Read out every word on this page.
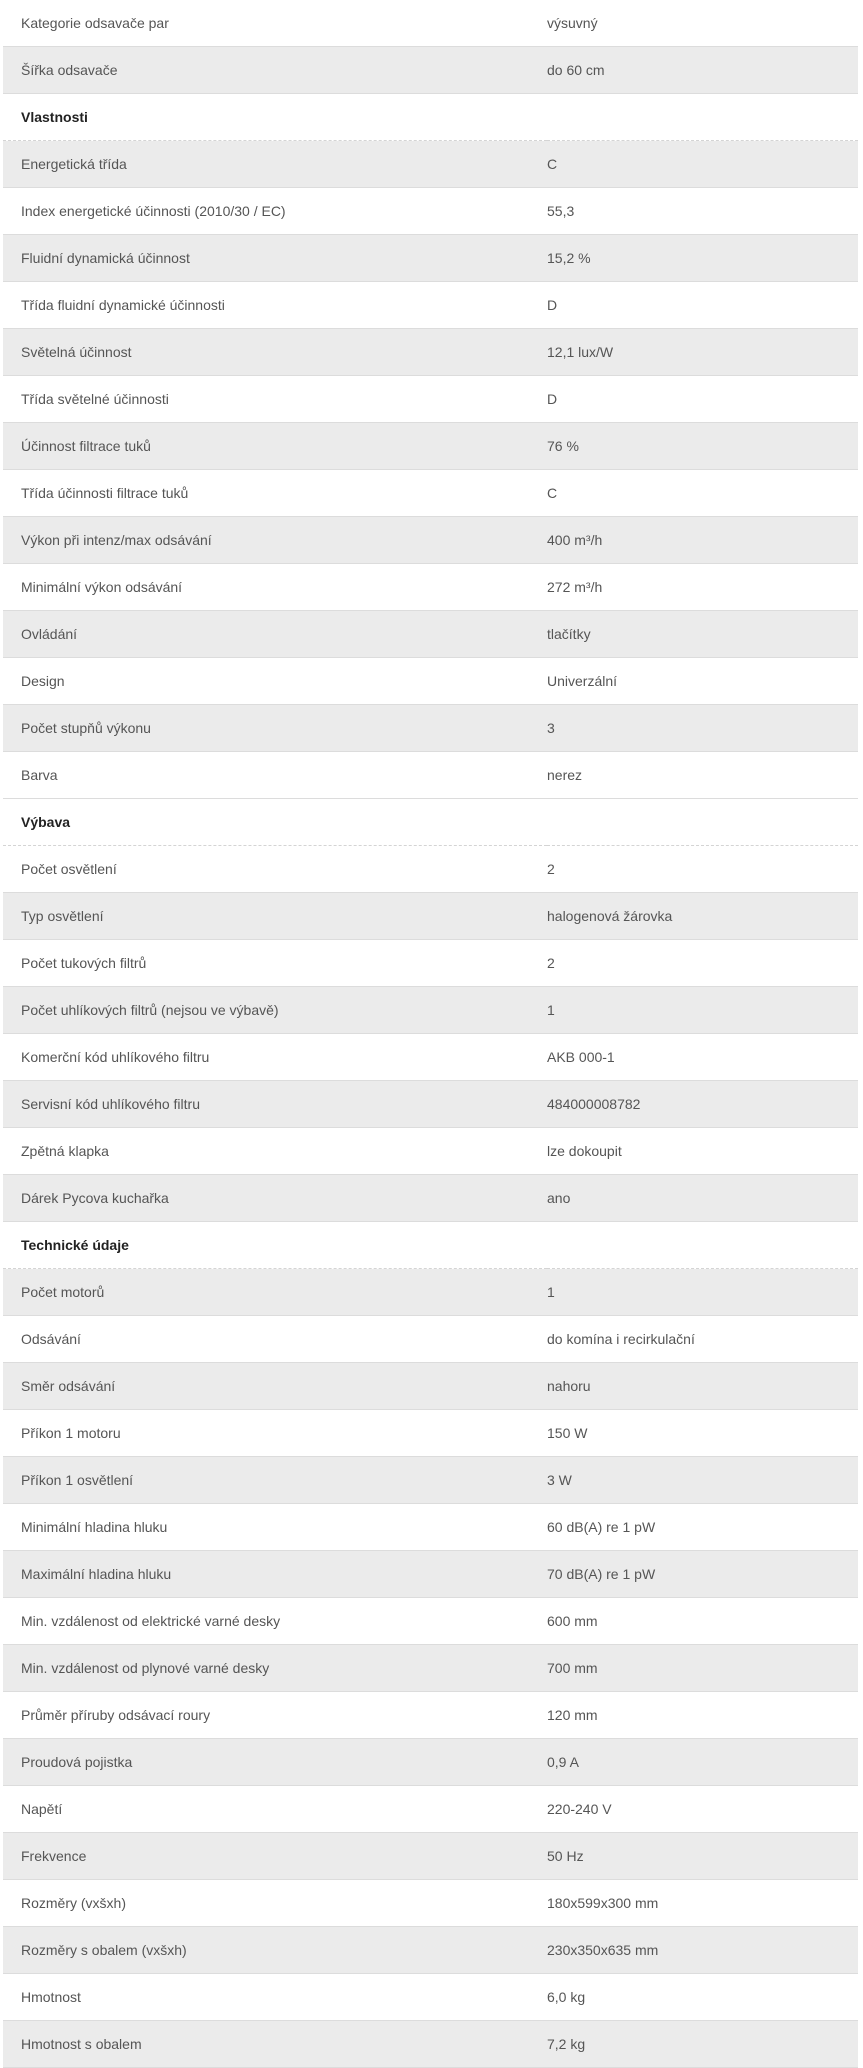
Kategorie odsavače par	výsuvný
Šířka odsavače	do 60 cm
Vlastnosti	
Energetická třída	C
Index energetické účinnosti (2010/30 / EC)	55,3
Fluidní dynamická účinnost	15,2 %
Třída fluidní dynamické účinnosti	D
Světelná účinnost	12,1 lux/W
Třída světelné účinnosti	D
Účinnost filtrace tuků	76 %
Třída účinnosti filtrace tuků	C
Výkon při intenz/max odsávání	400 m³/h
Minimální výkon odsávání	272 m³/h
Ovládání	tlačítky
Design	Univerzální
Počet stupňů výkonu	3
Barva	nerez
Výbava	
Počet osvětlení	2
Typ osvětlení	halogenová žárovka
Počet tukových filtrů	2
Počet uhlíkových filtrů (nejsou ve výbavě)	1
Komerční kód uhlíkového filtru	AKB 000-1
Servisní kód uhlíkového filtru	484000008782
Zpětná klapka	lze dokoupit
Dárek Pycova kuchařka	ano
Technické údaje	
Počet motorů	1
Odsávání	do komína i recirkulační
Směr odsávání	nahoru
Příkon 1 motoru	150 W
Příkon 1 osvětlení	3 W
Minimální hladina hluku	60 dB(A) re 1 pW
Maximální hladina hluku	70 dB(A) re 1 pW
Min. vzdálenost od elektrické varné desky	600 mm
Min. vzdálenost od plynové varné desky	700 mm
Průměr příruby odsávací roury	120 mm
Proudová pojistka	0,9 A
Napětí	220-240 V
Frekvence	50 Hz
Rozměry (vxšxh)	180x599x300 mm
Rozměry s obalem (vxšxh)	230x350x635 mm
Hmotnost	6,0 kg
Hmotnost s obalem	7,2 kg
